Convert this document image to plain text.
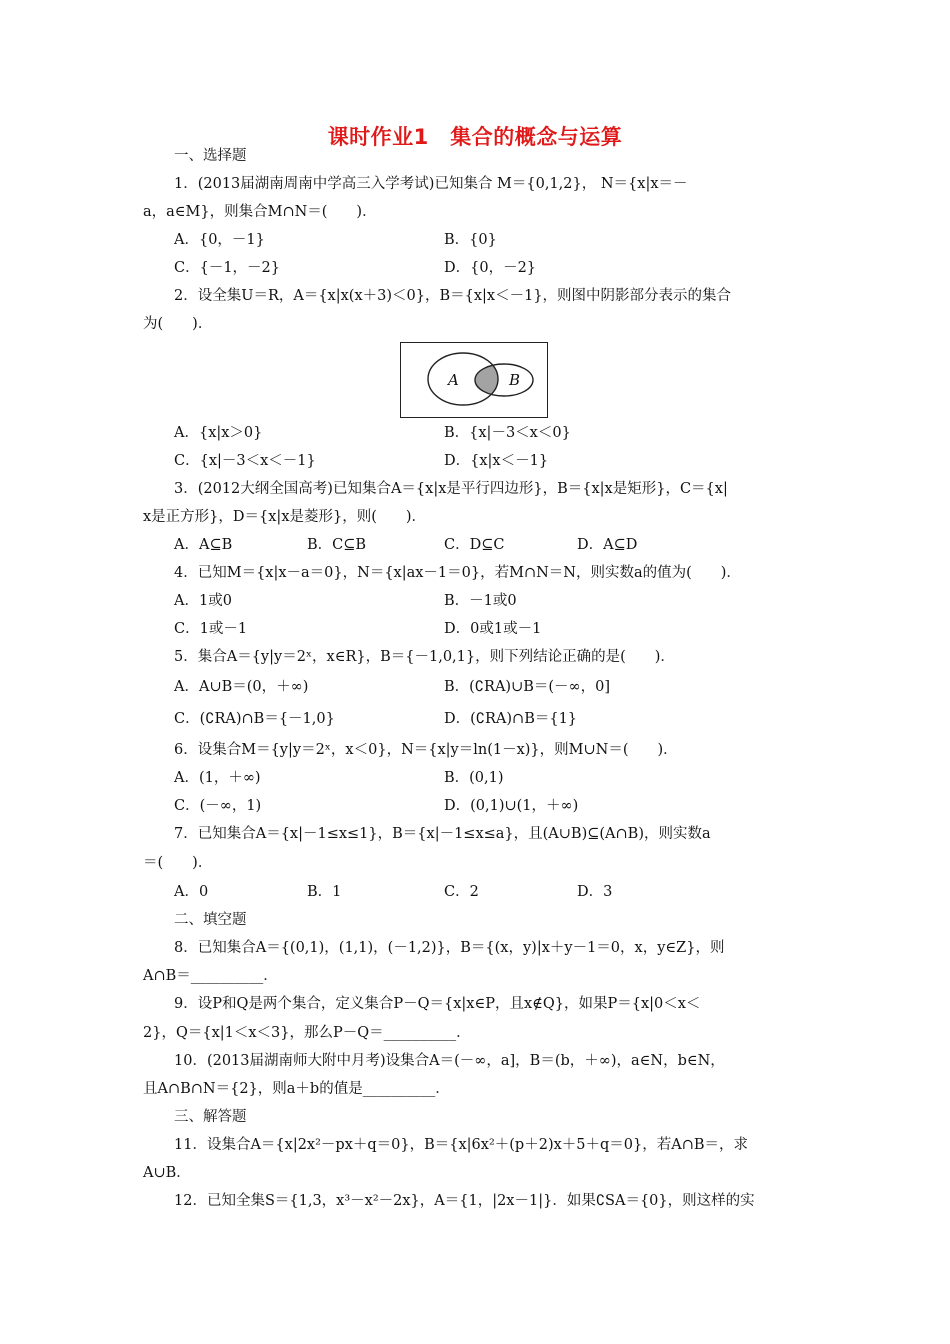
课时作业1　集合的概念与运算
一、选择题
1．(2013届湖南周南中学高三入学考试)已知集合 M＝{0,1,2}， N＝{x|x＝－
a，a∈M}，则集合M∩N＝(　　)．
A．{0，－1}	B．{0}
C．{－1，－2}	D．{0，－2}
2．设全集U＝R，A＝{x|x(x＋3)＜0}，B＝{x|x＜－1}，则图中阴影部分表示的集合
为(　　)．
A	B
A．{x|x＞0}	B．{x|－3＜x＜0}
C．{x|－3＜x＜－1}	D．{x|x＜－1}
3．(2012大纲全国高考)已知集合A＝{x|x是平行四边形}，B＝{x|x是矩形}，C＝{x|
x是正方形}，D＝{x|x是菱形}，则(　　)．
A．A⊆B	B．C⊆B	C．D⊆C	D．A⊆D
4．已知M＝{x|x－a＝0}，N＝{x|ax－1＝0}，若M∩N＝N，则实数a的值为(　　)．
A．1或0	B．－1或0
C．1或－1	D．0或1或－1
5．集合A＝{y|y＝2ˣ，x∈R}，B＝{－1,0,1}，则下列结论正确的是(　　)．
A．A∪B＝(0，＋∞)	B．(∁RA)∪B＝(－∞，0]
C．(∁RA)∩B＝{－1,0}	D．(∁RA)∩B＝{1}
6．设集合M＝{y|y＝2ˣ，x＜0}，N＝{x|y＝ln(1－x)}，则M∪N＝(　　)．
A．(1，＋∞)	B．(0,1)
C．(－∞，1)	D．(0,1)∪(1，＋∞)
7．已知集合A＝{x|－1≤x≤1}，B＝{x|－1≤x≤a}，且(A∪B)⊆(A∩B)，则实数a
＝(　　)．
A．0	B．1	C．2	D．3
二、填空题
8．已知集合A＝{(0,1)，(1,1)，(－1,2)}，B＝{(x，y)|x＋y－1＝0，x，y∈Z}，则
A∩B＝__________．
9．设P和Q是两个集合，定义集合P－Q＝{x|x∈P，且x∉Q}，如果P＝{x|0＜x＜
2}，Q＝{x|1＜x＜3}，那么P－Q＝__________．
10．(2013届湖南师大附中月考)设集合A＝(－∞，a]，B＝(b，＋∞)，a∈N，b∈N，
且A∩B∩N＝{2}，则a＋b的值是__________．
三、解答题
11．设集合A＝{x|2x²－px＋q＝0}，B＝{x|6x²＋(p＋2)x＋5＋q＝0}，若A∩B＝，求
A∪B．
12．已知全集S＝{1,3，x³－x²－2x}，A＝{1，|2x－1|}．如果∁SA＝{0}，则这样的实
